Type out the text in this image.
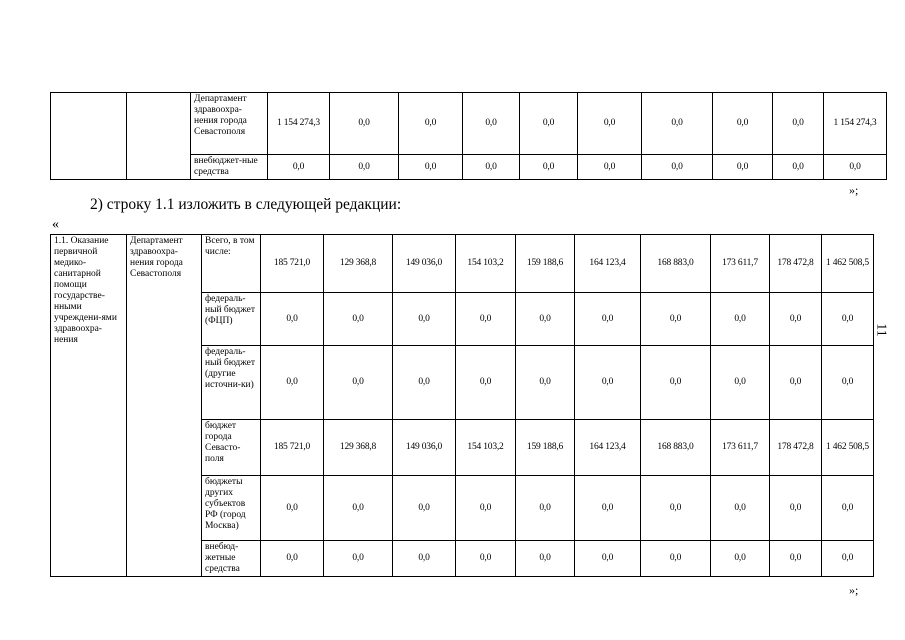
		Департамент здравоохра-нения города Севастополя	1 154 274,3	0,0	0,0	0,0	0,0	0,0	0,0	0,0	0,0	1 154 274,3
		внебюджет-ные средства	0,0	0,0	0,0	0,0	0,0	0,0	0,0	0,0	0,0	0,0
»;
2) строку 1.1 изложить в следующей редакции:
«
1.1. Оказание первичной медико-санитарной помощи государстве-нными учреждени-ями здравоохра-нения	Департамент здравоохра-нения города Севастополя	Всего, в том числе:	185 721,0	129 368,8	149 036,0	154 103,2	159 188,6	164 123,4	168 883,0	173 611,7	178 472,8	1 462 508,5
		федераль-ный бюджет (ФЦП)	0,0	0,0	0,0	0,0	0,0	0,0	0,0	0,0	0,0	0,0
		федераль-ный бюджет (другие источни-ки)	0,0	0,0	0,0	0,0	0,0	0,0	0,0	0,0	0,0	0,0
		бюджет города Севасто-поля	185 721,0	129 368,8	149 036,0	154 103,2	159 188,6	164 123,4	168 883,0	173 611,7	178 472,8	1 462 508,5
		бюджеты других субъектов РФ (город Москва)	0,0	0,0	0,0	0,0	0,0	0,0	0,0	0,0	0,0	0,0
		внебюд-жетные средства	0,0	0,0	0,0	0,0	0,0	0,0	0,0	0,0	0,0	0,0
»;
11
